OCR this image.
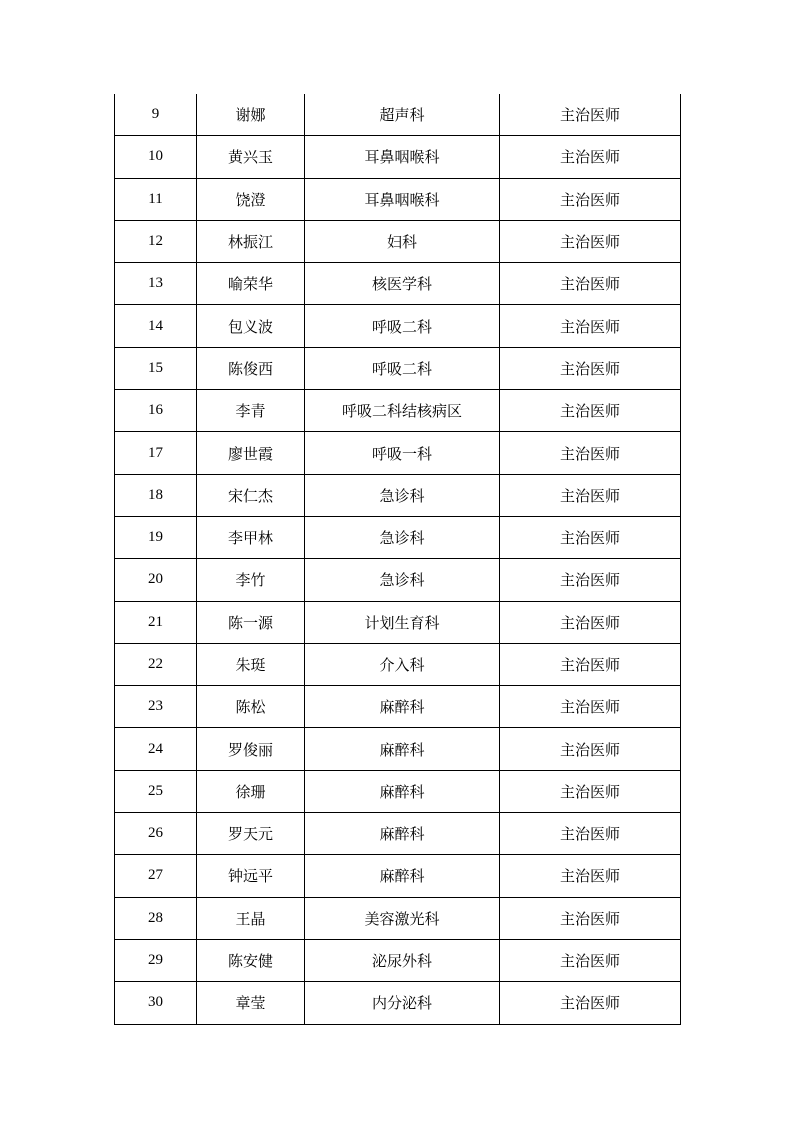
9	谢娜	超声科	主治医师
10	黄兴玉	耳鼻咽喉科	主治医师
11	饶澄	耳鼻咽喉科	主治医师
12	林振江	妇科	主治医师
13	喻荣华	核医学科	主治医师
14	包义波	呼吸二科	主治医师
15	陈俊西	呼吸二科	主治医师
16	李青	呼吸二科结核病区	主治医师
17	廖世霞	呼吸一科	主治医师
18	宋仁杰	急诊科	主治医师
19	李甲林	急诊科	主治医师
20	李竹	急诊科	主治医师
21	陈一源	计划生育科	主治医师
22	朱珽	介入科	主治医师
23	陈松	麻醉科	主治医师
24	罗俊丽	麻醉科	主治医师
25	徐珊	麻醉科	主治医师
26	罗天元	麻醉科	主治医师
27	钟远平	麻醉科	主治医师
28	王晶	美容激光科	主治医师
29	陈安健	泌尿外科	主治医师
30	章莹	内分泌科	主治医师
